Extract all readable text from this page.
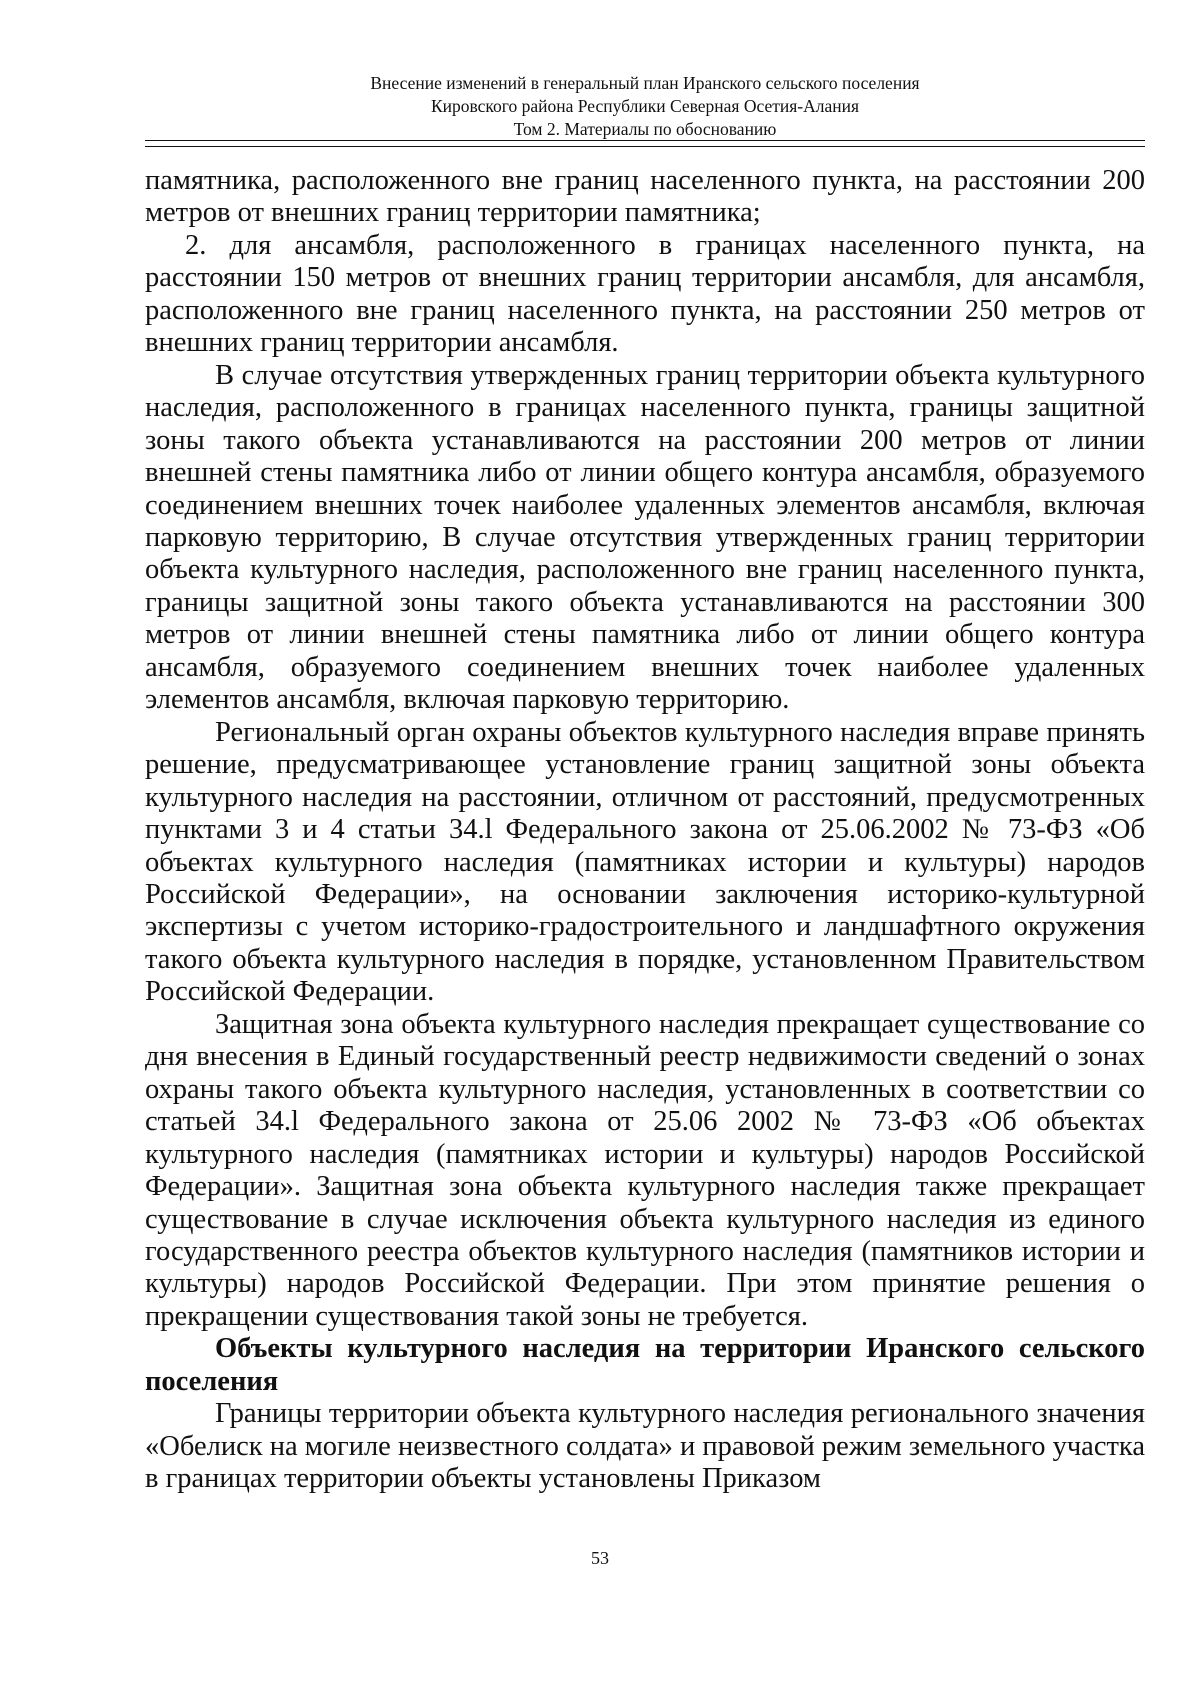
Внесение изменений в генеральный план Иранского сельского поселения
Кировского района Республики Северная Осетия-Алания
Том 2. Материалы по обоснованию

памятника, расположенного вне границ населенного пункта, на расстоянии 200 метров от внешних границ территории памятника;

2. для ансамбля, расположенного в границах населенного пункта, на расстоянии 150 метров от внешних границ территории ансамбля, для ансамбля, расположенного вне границ населенного пункта, на расстоянии 250 метров от внешних границ территории ансамбля.

В случае отсутствия утвержденных границ территории объекта культурного наследия, расположенного в границах населенного пункта, границы защитной зоны такого объекта устанавливаются на расстоянии 200 метров от линии внешней стены памятника либо от линии общего контура ансамбля, образуемого соединением внешних точек наиболее удаленных элементов ансамбля, включая парковую территорию, В случае отсутствия утвержденных границ территории объекта культурного наследия, расположенного вне границ населенного пункта, границы защитной зоны такого объекта устанавливаются на расстоянии 300 метров от линии внешней стены памятника либо от линии общего контура ансамбля, образуемого соединением внешних точек наиболее удаленных элементов ансамбля, включая парковую территорию.

Региональный орган охраны объектов культурного наследия вправе принять решение, предусматривающее установление границ защитной зоны объекта культурного наследия на расстоянии, отличном от расстояний, предусмотренных пунктами 3 и 4 статьи 34.l Федерального закона от 25.06.2002 № 73-ФЗ «Об объектах культурного наследия (памятниках истории и культуры) народов Российской Федерации», на основании заключения историко-культурной экспертизы с учетом историко-градостроительного и ландшафтного окружения такого объекта культурного наследия в порядке, установленном Правительством Российской Федерации.

Защитная зона объекта культурного наследия прекращает существование со дня внесения в Единый государственный реестр недвижимости сведений о зонах охраны такого объекта культурного наследия, установленных в соответствии со статьей 34.l Федерального закона от 25.06 2002 № 73-ФЗ «Об объектах культурного наследия (памятниках истории и культуры) народов Российской Федерации». Защитная зона объекта культурного наследия также прекращает существование в случае исключения объекта культурного наследия из единого государственного реестра объектов культурного наследия (памятников истории и культуры) народов Российской Федерации. При этом принятие решения о прекращении существования такой зоны не требуется.

Объекты культурного наследия на территории Иранского сельского поселения

Границы территории объекта культурного наследия регионального значения «Обелиск на могиле неизвестного солдата» и правовой режим земельного участка в границах территории объекты установлены Приказом

53
